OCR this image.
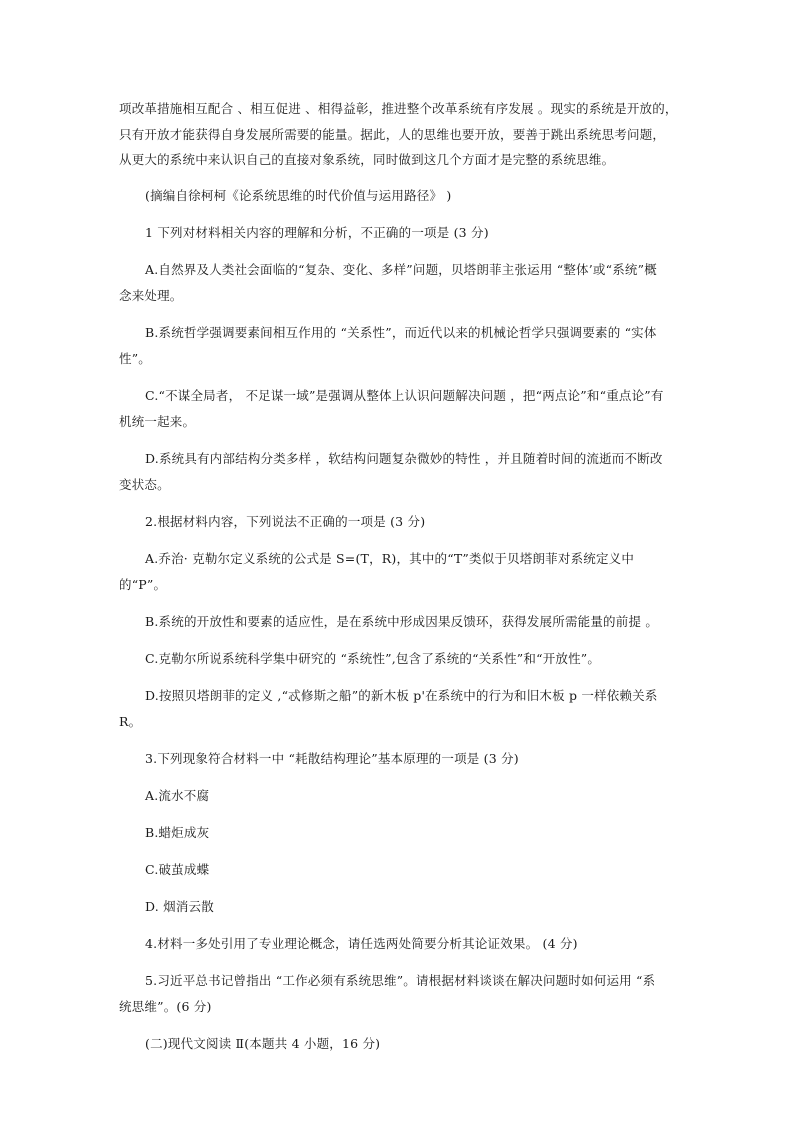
项改革措施相互配合 、相互促进 、相得益彰，推进整个改革系统有序发展 。现实的系统是开放的，

只有开放才能获得自身发展所需要的能量。据此，人的思维也要开放，要善于跳出系统思考问题，

从更大的系统中来认识自己的直接对象系统，同时做到这几个方面才是完整的系统思维。

(摘编自徐柯柯《论系统思维的时代价值与运用路径》 )

1 下列对材料相关内容的理解和分析，不正确的一项是 (3 分)

A.自然界及人类社会面临的“复杂、变化、多样”问题，贝塔朗菲主张运用 “整体’或“系统”概

念来处理。

B.系统哲学强调要素间相互作用的 “关系性”，而近代以来的机械论哲学只强调要素的 “实体

性”。

C.“不谋全局者， 不足谋一域”是强调从整体上认识问题解决问题 ，把“两点论”和“重点论”有

机统一起来。

D.系统具有内部结构分类多样 ，软结构问题复杂微妙的特性 ，并且随着时间的流逝而不断改

变状态。

2.根据材料内容，下列说法不正确的一项是 (3 分)

A.乔治· 克勒尔定义系统的公式是 S=(T，R)，其中的“T”类似于贝塔朗菲对系统定义中的“P”。

B.系统的开放性和要素的适应性，是在系统中形成因果反馈环，获得发展所需能量的前提 。

C.克勒尔所说系统科学集中研究的 “系统性”,包含了系统的“关系性”和“开放性”。

D.按照贝塔朗菲的定义 ,“忒修斯之船”的新木板 p'在系统中的行为和旧木板 p 一样依赖关系

R。

3.下列现象符合材料一中 “耗散结构理论”基本原理的一项是 (3 分)

A.流水不腐

B.蜡炬成灰

C.破茧成蝶

D. 烟消云散

4.材料一多处引用了专业理论概念，请任选两处简要分析其论证效果。 (4 分)

5.习近平总书记曾指出 “工作必须有系统思维”。请根据材料谈谈在解决问题时如何运用 “系

统思维”。(6 分)

(二)现代文阅读 Ⅱ(本题共 4 小题，16 分)
